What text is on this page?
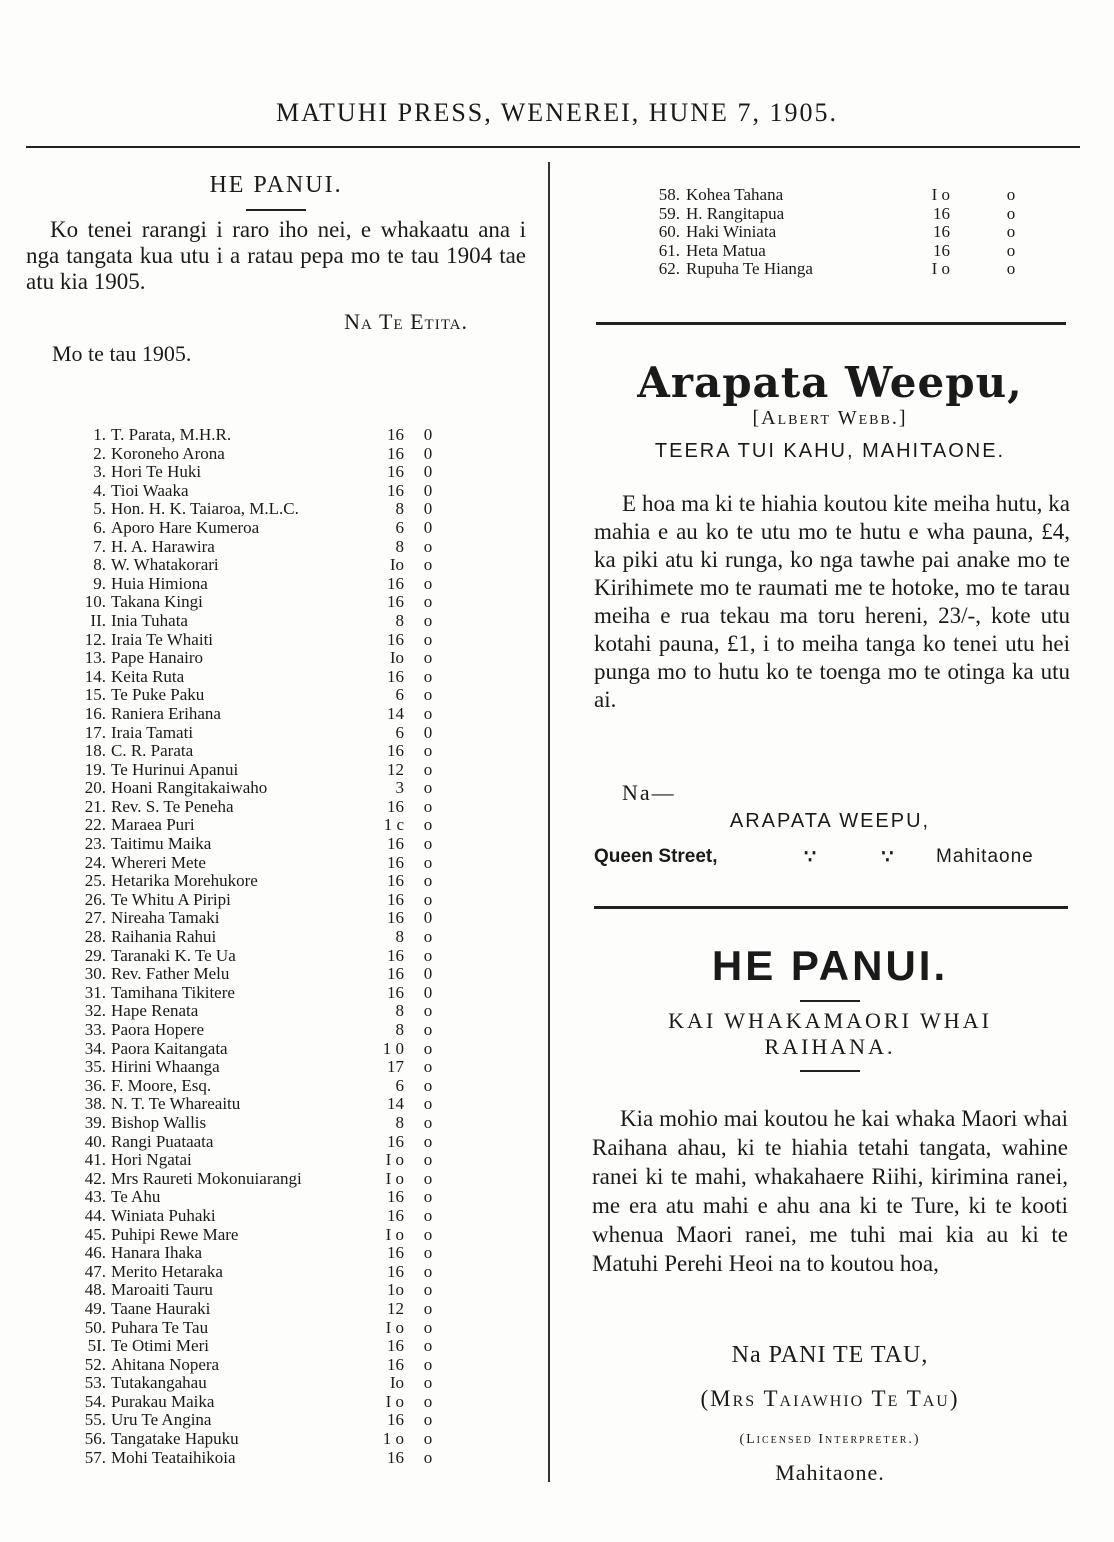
MATUHI PRESS, WENEREI, HUNE 7, 1905.

HE PANUI.

Ko tenei rarangi i raro iho nei, e whakaatu ana i nga tangata kua utu i a ratau pepa mo te tau 1904 tae atu kia 1905.

Na Te Etita.
Mo te tau 1905.
1. T. Parata, M.H.R.	16 0
2. Koroneho Arona	16 0
3. Hori Te Huki	16 0
4. Tioi Waaka	16 0
5. Hon. H. K. Taiaroa, M.L.C.	8 0
6. Aporo Hare Kumeroa	6 0
7. H. A. Harawira	8 o
8. W. Whatakorari	Io o
9. Huia Himiona	16 o
10. Takana Kingi	16 o
II. Inia Tuhata	8 o
12. Iraia Te Whaiti	16 o
13. Pape Hanairo	Io o
14. Keita Ruta	16 o
15. Te Puke Paku	6 o
16. Raniera Erihana	14 o
17. Iraia Tamati	6 0
18. C. R. Parata	16 o
19. Te Hurinui Apanui	12 o
20. Hoani Rangitakaiwaho	3 o
21. Rev. S. Te Peneha	16 o
22. Maraea Puri	1 c o
23. Taitimu Maika	16 o
24. Whereri Mete	16 o
25. Hetarika Morehukore	16 o
26. Te Whitu A Piripi	16 o
27. Nireaha Tamaki	16 0
28. Raihania Rahui	8 o
29. Taranaki K. Te Ua	16 o
30. Rev. Father Melu	16 0
31. Tamihana Tikitere	16 0
32. Hape Renata	8 o
33. Paora Hopere	8 o
34. Paora Kaitangata	1 0 o
35. Hirini Whaanga	17 o
36. F. Moore, Esq.	6 o
38. N. T. Te Whareaitu	14 o
39. Bishop Wallis	8 o
40. Rangi Puataata	16 o
41. Hori Ngatai	I o o
42. Mrs Raureti Mokonuiarangi	I o o
43. Te Ahu	16 o
44. Winiata Puhaki	16 o
45. Puhipi Rewe Mare	I o o
46. Hanara Ihaka	16 o
47. Merito Hetaraka	16 o
48. Maroaiti Tauru	1o o
49. Taane Hauraki	12 o
50. Puhara Te Tau	I o o
5I. Te Otimi Meri	16 o
52. Ahitana Nopera	16 o
53. Tutakangahau	Io o
54. Purakau Maika	I o o
55. Uru Te Angina	16 o
56. Tangatake Hapuku	1 o o
57. Mohi Teataihikoia	16 o
58. Kohea Tahana	I o	o
59. H. Rangitapua	16	o
60. Haki Winiata	16	o
61. Heta Matua	16	o
62. Rupuha Te Hianga	I o	o

Arapata Weepu,

[Albert Webb.]

TEERA TUI KAHU, MAHITAONE.

E hoa ma ki te hiahia koutou kite meiha hutu, ka mahia e au ko te utu mo te hutu e wha pauna, £4, ka piki atu ki runga, ko nga tawhe pai anake mo te Kirihimete mo te raumati me te hotoke, mo te tarau meiha e rua tekau ma toru hereni, 23/-, kote utu kotahi pauna, £1, i to meiha tanga ko tenei utu hei punga mo to hutu ko te toenga mo te otinga ka utu ai.

Na—
ARAPATA WEEPU,
Queen Street,	∵ ∵ Mahitaone

HE PANUI.

KAI WHAKAMAORI WHAI RAIHANA.

Kia mohio mai koutou he kai whaka Maori whai Raihana ahau, ki te hiahia tetahi tangata, wahine ranei ki te mahi, whakahaere Riihi, kirimina ranei, me era atu mahi e ahu ana ki te Ture, ki te kooti whenua Maori ranei, me tuhi mai kia au ki te Matuhi Perehi Heoi na to koutou hoa,

Na PANI TE TAU,
(Mrs Taiawhio Te Tau)
(Licensed Interpreter.)
Mahitaone.
